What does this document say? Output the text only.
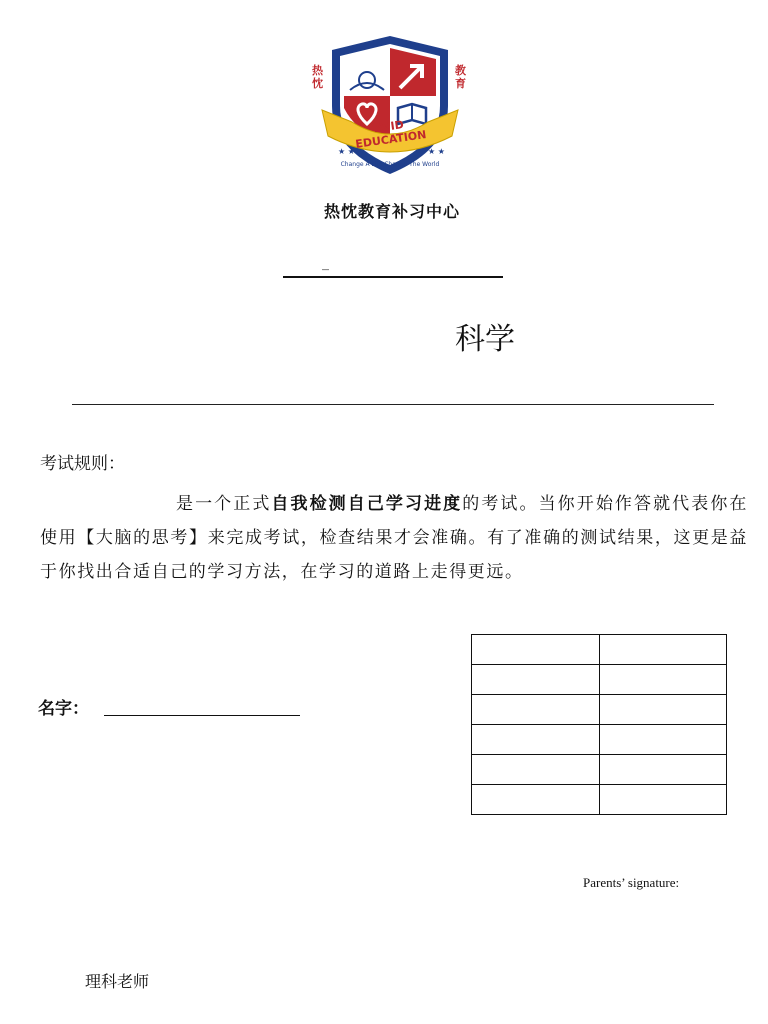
★ ★	★ ★
热忱
教育
AVID EDUCATION
Change A Life Change The World
热忱教育补习中心
_
科学
考试规则：
是一个正式自我检测自己学习进度的考试。当你开始作答就代表你在使用【大脑的思考】来完成考试，检查结果才会准确。有了准确的测试结果，这更是益于你找出合适自己的学习方法，在学习的道路上走得更远。
名字：

Parents’ signature:
理科老师
